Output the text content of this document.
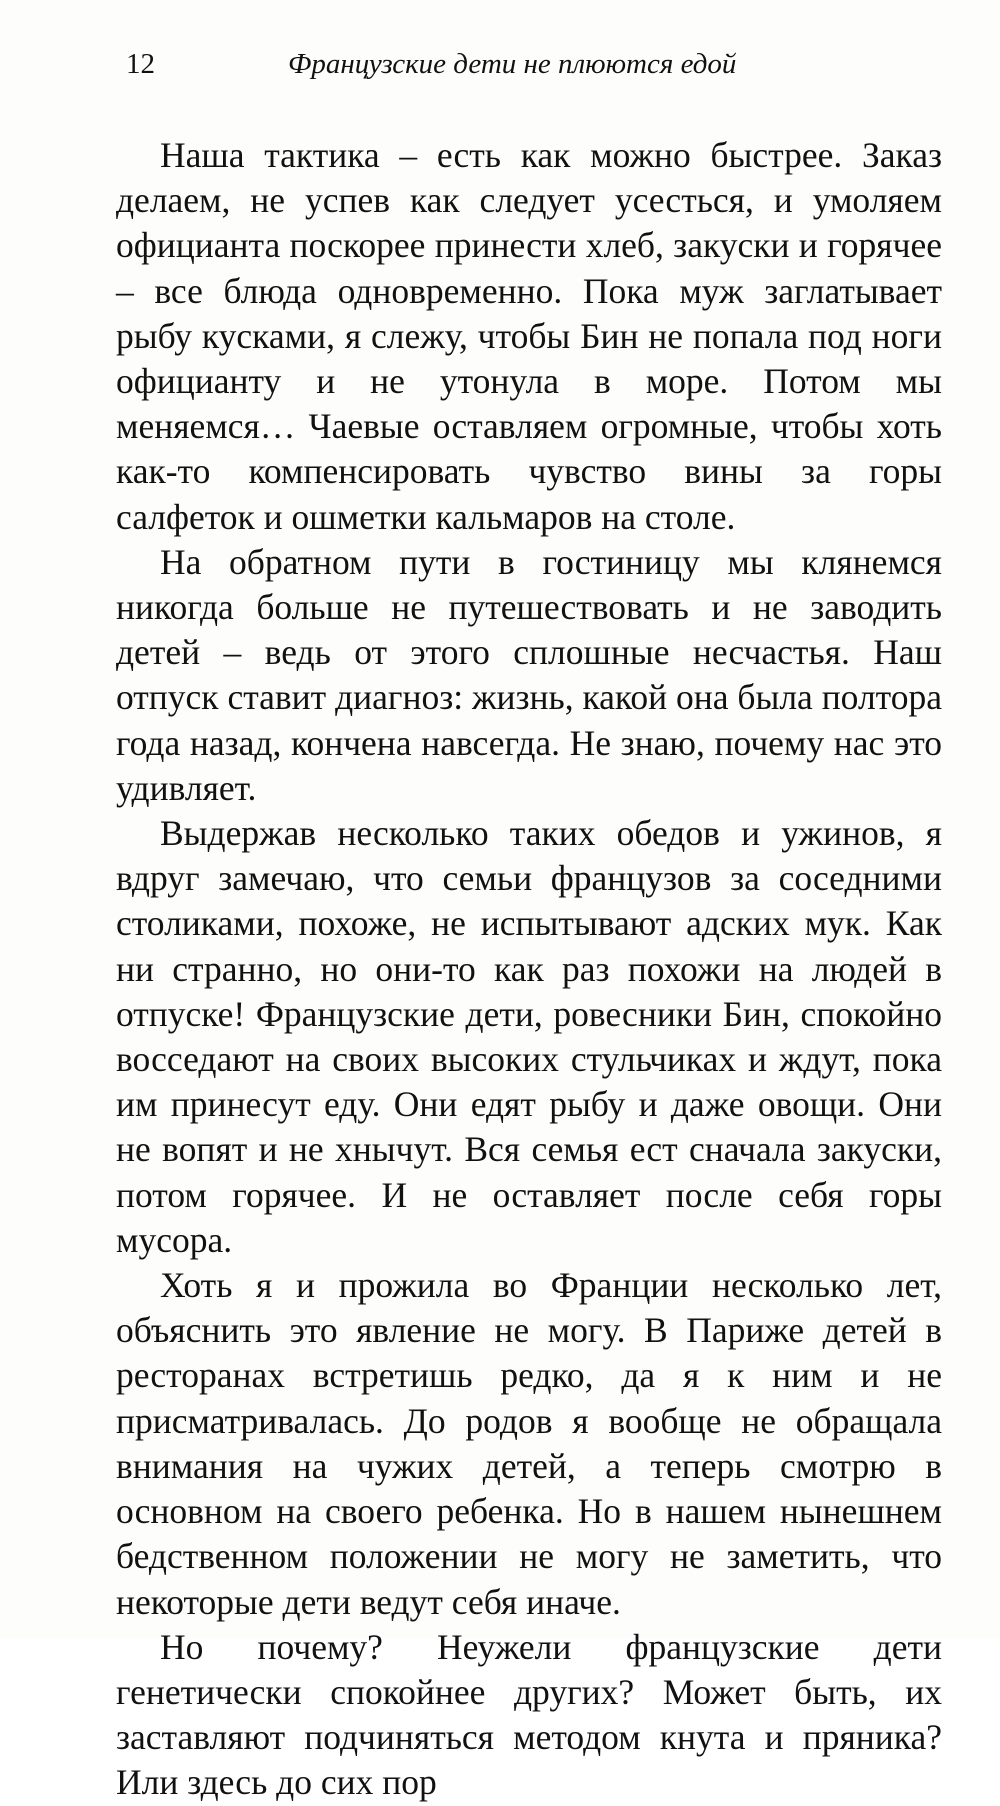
12	Французские дети не плюются едой

Наша тактика – есть как можно быстрее. Заказ делаем, не успев как следует усесться, и умоляем официанта поскорее принести хлеб, закуски и горячее – все блюда одновременно. Пока муж заглатывает рыбу кусками, я слежу, чтобы Бин не попала под ноги официанту и не утонула в море. Потом мы меняемся… Чаевые оставляем огромные, чтобы хоть как-то компенсировать чувство вины за горы салфеток и ошметки кальмаров на столе.

На обратном пути в гостиницу мы клянемся никогда больше не путешествовать и не заводить детей – ведь от этого сплошные несчастья. Наш отпуск ставит диагноз: жизнь, какой она была полтора года назад, кончена навсегда. Не знаю, почему нас это удивляет.

Выдержав несколько таких обедов и ужинов, я вдруг замечаю, что семьи французов за соседними столиками, похоже, не испытывают адских мук. Как ни странно, но они-то как раз похожи на людей в отпуске! Французские дети, ровесники Бин, спокойно восседают на своих высоких стульчиках и ждут, пока им принесут еду. Они едят рыбу и даже овощи. Они не вопят и не хнычут. Вся семья ест сначала закуски, потом горячее. И не оставляет после себя горы мусора.

Хоть я и прожила во Франции несколько лет, объяснить это явление не могу. В Париже детей в ресторанах встретишь редко, да я к ним и не присматривалась. До родов я вообще не обращала внимания на чужих детей, а теперь смотрю в основном на своего ребенка. Но в нашем нынешнем бедственном положении не могу не заметить, что некоторые дети ведут себя иначе.

Но почему? Неужели французские дети генетически спокойнее других? Может быть, их заставляют подчиняться методом кнута и пряника? Или здесь до сих пор
